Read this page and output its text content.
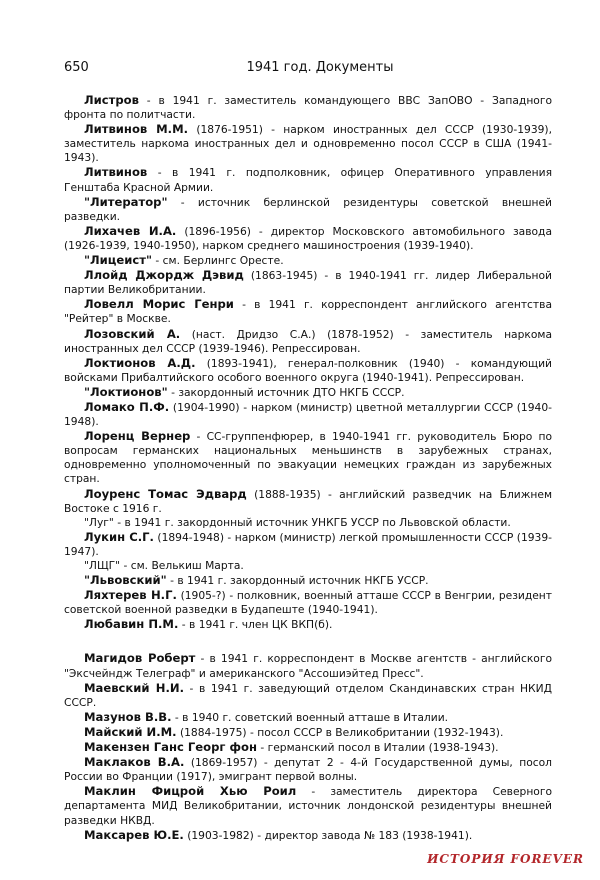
650	1941 год. Документы

Листров - в 1941 г. заместитель командующего ВВС ЗапОВО - Западного фронта по политчасти.

Литвинов М.М. (1876-1951) - нарком иностранных дел СССР (1930-1939), заместитель наркома иностранных дел и одновременно посол СССР в США (1941-1943).

Литвинов - в 1941 г. подполковник, офицер Оперативного управления Генштаба Красной Армии.

"Литератор" - источник берлинской резидентуры советской внешней разведки.

Лихачев И.А. (1896-1956) - директор Московского автомобильного завода (1926-1939, 1940-1950), нарком среднего машиностроения (1939-1940).

"Лицеист" - см. Берлингс Оресте.

Ллойд Джордж Дэвид (1863-1945) - в 1940-1941 гг. лидер Либеральной партии Великобритании.

Ловелл Морис Генри - в 1941 г. корреспондент английского агентства "Рейтер" в Москве.

Лозовский А. (наст. Дридзо С.А.) (1878-1952) - заместитель наркома иностранных дел СССР (1939-1946). Репрессирован.

Локтионов А.Д. (1893-1941), генерал-полковник (1940) - командующий войсками Прибалтийского особого военного округа (1940-1941). Репрессирован.

"Локтионов" - закордонный источник ДТО НКГБ СССР.

Ломако П.Ф. (1904-1990) - нарком (министр) цветной металлургии СССР (1940-1948).

Лоренц Вернер - СС-группенфюрер, в 1940-1941 гг. руководитель Бюро по вопросам германских национальных меньшинств в зарубежных странах, одновременно уполномоченный по эвакуации немецких граждан из зарубежных стран.

Лоуренс Томас Эдвард (1888-1935) - английский разведчик на Ближнем Востоке с 1916 г.

"Луг" - в 1941 г. закордонный источник УНКГБ УССР по Львовской области.

Лукин С.Г. (1894-1948) - нарком (министр) легкой промышленности СССР (1939-1947).

"ЛЩГ" - см. Велькиш Марта.

"Львовский" - в 1941 г. закордонный источник НКГБ УССР.

Ляхтерев Н.Г. (1905-?) - полковник, военный атташе СССР в Венгрии, резидент советской военной разведки в Будапеште (1940-1941).

Любавин П.М. - в 1941 г. член ЦК ВКП(б).

Магидов Роберт - в 1941 г. корреспондент в Москве агентств - английского "Эксчейндж Телеграф" и американского "Ассошиэйтед Пресс".

Маевский Н.И. - в 1941 г. заведующий отделом Скандинавских стран НКИД СССР.

Мазунов В.В. - в 1940 г. советский военный атташе в Италии.

Майский И.М. (1884-1975) - посол СССР в Великобритании (1932-1943).

Макензен Ганс Георг фон - германский посол в Италии (1938-1943).

Маклаков В.А. (1869-1957) - депутат 2 - 4-й Государственной думы, посол России во Франции (1917), эмигрант первой волны.

Маклин Фицрой Хью Роил - заместитель директора Северного департамента МИД Великобритании, источник лондонской резидентуры внешней разведки НКВД.

Максарев Ю.Е. (1903-1982) - директор завода № 183 (1938-1941).

ИСТОРИЯ FOREVER
